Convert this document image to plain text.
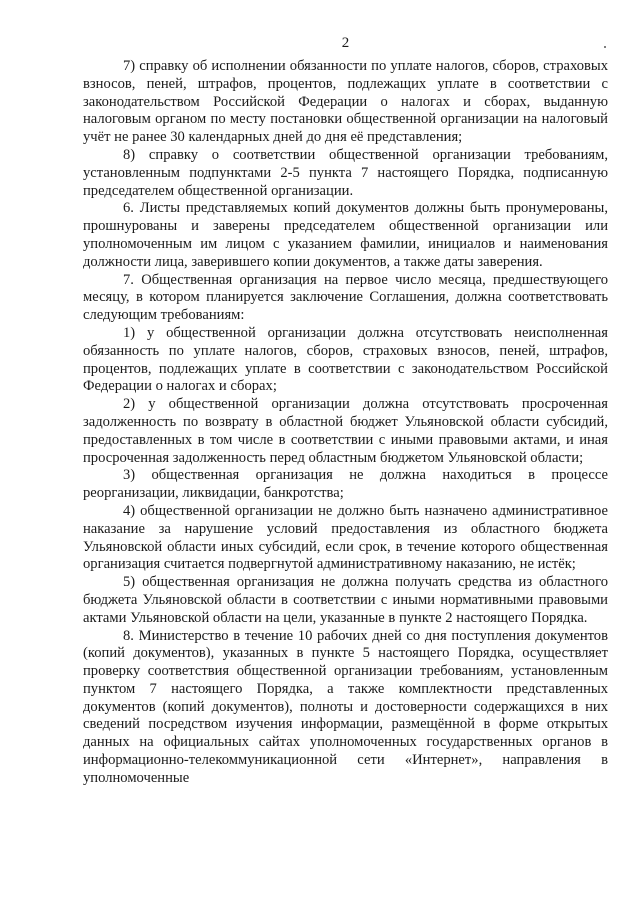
2

7) справку об исполнении обязанности по уплате налогов, сборов, страховых взносов, пеней, штрафов, процентов, подлежащих уплате в соответствии с законодательством Российской Федерации о налогах и сборах, выданную налоговым органом по месту постановки общественной организации на налоговый учёт не ранее 30 календарных дней до дня её представления;

8) справку о соответствии общественной организации требованиям, установленным подпунктами 2-5 пункта 7 настоящего Порядка, подписанную председателем общественной организации.

6. Листы представляемых копий документов должны быть пронумерованы, прошнурованы и заверены председателем общественной организации или уполномоченным им лицом с указанием фамилии, инициалов и наименования должности лица, заверившего копии документов, а также даты заверения.

7. Общественная организация на первое число месяца, предшествующего месяцу, в котором планируется заключение Соглашения, должна соответствовать следующим требованиям:

1) у общественной организации должна отсутствовать неисполненная обязанность по уплате налогов, сборов, страховых взносов, пеней, штрафов, процентов, подлежащих уплате в соответствии с законодательством Российской Федерации о налогах и сборах;

2) у общественной организации должна отсутствовать просроченная задолженность по возврату в областной бюджет Ульяновской области субсидий, предоставленных в том числе в соответствии с иными правовыми актами, и иная просроченная задолженность перед областным бюджетом Ульяновской области;

3) общественная организация не должна находиться в процессе реорганизации, ликвидации, банкротства;

4) общественной организации не должно быть назначено административное наказание за нарушение условий предоставления из областного бюджета Ульяновской области иных субсидий, если срок, в течение которого общественная организация считается подвергнутой административному наказанию, не истёк;

5) общественная организация не должна получать средства из областного бюджета Ульяновской области в соответствии с иными нормативными правовыми актами Ульяновской области на цели, указанные в пункте 2 настоящего Порядка.

8. Министерство в течение 10 рабочих дней со дня поступления документов (копий документов), указанных в пункте 5 настоящего Порядка, осуществляет проверку соответствия общественной организации требованиям, установленным пунктом 7 настоящего Порядка, а также комплектности представленных документов (копий документов), полноты и достоверности содержащихся в них сведений посредством изучения информации, размещённой в форме открытых данных на официальных сайтах уполномоченных государственных органов в информационно-телекоммуникационной сети «Интернет», направления в уполномоченные
